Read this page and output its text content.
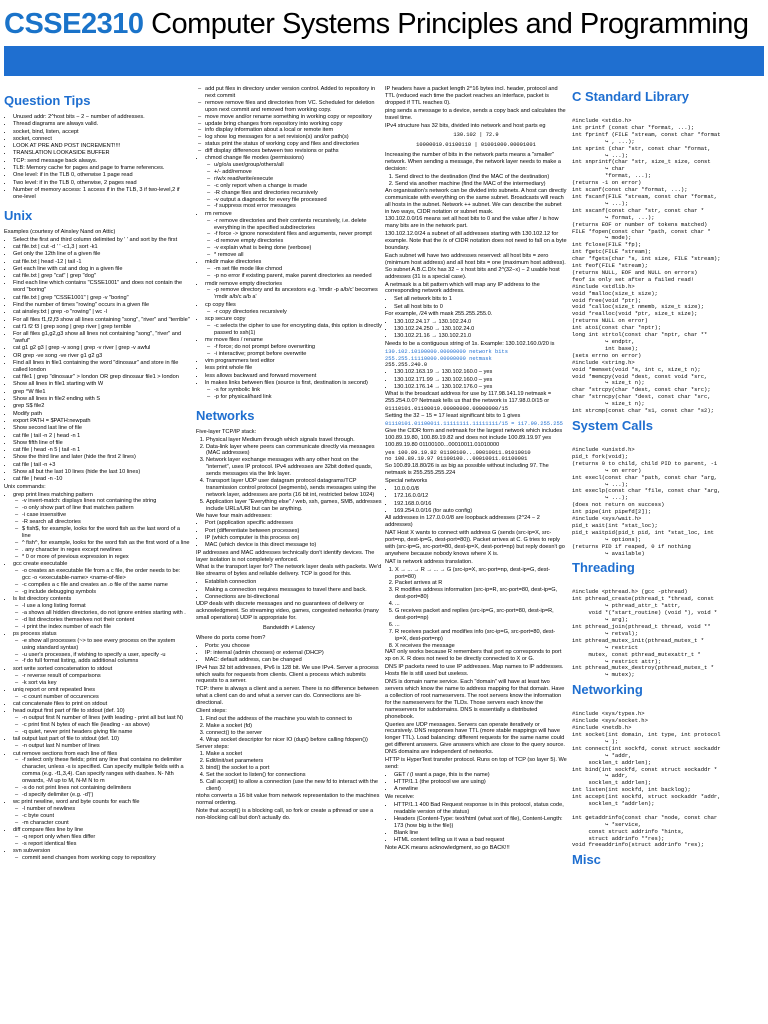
CSSE2310 Computer Systems Principles and Programming
Question Tips
• Unused addr: 2^host bits − 2 − number of addresses.
• Thread diagrams are always valid.
• socket, bind, listen, accept
• socket, connect
• LOOK AT PRE AND POST INCREMENT!!!!
• TRANSLATION LOOKASIDE BUFFER
• TCP: send message back always.
• TLB: Memory cache for pages and page to frame references.
• One level: if in the TLB 0, otherwise 1 page read
• Two level: if in the TLB 0, otherwise, 2 pages read
• Number of memory access: 1 access if in the TLB, 3 if two-level,2 if one-level
Unix
Examples (courtesy of Ainsley Nand on Attic)
• Select the first and third column delimited by ' ' and sort by the first
• cat file.txt | cut -d ' ' -c1,3 | sort -k1
• Get only the 12th line of a given file
• cat file.txt | head -12 | tail -1
• Get each line with cat and dog in a given file
• cat file.txt | grep "cat" | grep "dog"
• Find each line which contains "CSSE1001" and does not contain the word "boring"
• cat file.txt | grep "CSSE1001" | grep -v "boring"
• Find the number of times "rowing" occurs in a given file
• cat ainsley.txt | grep -o "rowing" | wc -l
• For all files f1,f2,f3 show all lines containing "song", "river" and "terrible"
• cat f1 f2 f3 | grep song | grep river | grep terrible
• For all files g1,g2,g3 show all lines not containing "song", "river" and "awful"
• cat g1 g2 g3 | grep -v song | grep -v river | grep -v awful
• OR grep -ve song -ve river g1 g2 g3
• Find all lines in file1 containing the word "dinosaur" and store in file called london
• cat file1 | grep "dinosaur" > london OR grep dinosaur file1 > london
• Show all lines in file1 starting with W
• grep ^W file1
• Show all lines in file2 ending with S
• grep S$ file2
• Modify path
• export PATH = $PATH:newpath
• Show second last line of file
• cat file | tail -n 2 | head -n 1
• Show fifth line of file
• cat file | head -n 5 | tail -n 1
• Show the third line and later (hide the first 2 lines)
• cat file | tail -n +3
• Show all but the last 10 lines (hide the last 10 lines)
• cat file | head -n -10
Unix commands:
• grep print lines matching pattern
– -v invert-match: displays lines not containing the string
– -o only show part of line that matches pattern
– -i case insensitive
– -R search all directories
– $ fish$, for example, looks for the word fish as the last word of a line
– ^ fish^, for example, looks for the word fish as the first word of a line
– . any character in regex except newlines
– * 0 or more of previous expression in regex
• gcc create executable
– -o creates an executable file from a c file, the order needs to be: gcc -o <executable-name> <name-of-file>
– -c compiles a c file and creates an .o file of the same name
– -g include debugging symbols
• ls list directory contents
– -l use a long listing format
– -a shows all hidden directories, do not ignore entries starting with .
– -d list directories themselves not their content
– -i print the index number of each file
• ps process status
– -e show all processes (~> to see every process on the system using standard syntax)
– -u user's processes, if wishing to specify a user, specify -u
– -f do full format listing, adds additional columns
• sort write sorted concatenation to stdout
– -r reverse result of comparisons
– -k sort via key
• uniq report or omit repeated lines
– -c count number of occurences
• cat concatenate files to print on stdout
• head output first part of file to stdout (def. 10)
– -n output first N number of lines (with leading - print all but last N)
– -c print first N bytes of each file (leading - as above)
– -q quiet, never print headers giving file name
• tail output last part of file to stdout (def. 10)
– -n output last N number of lines
• cut remove sections from each line of files
– -f select only these fields; print any line that contains no delimiter character, unless -s is specified. Can specify multiple fields with a comma (e.g. -f1,3,4). Can specify ranges with dashes. N- Nth onwards, -M up to M, N-M N to m
– -s do not print lines not containing delimiters
– -d specify delimiter (e.g. -d'|')
• wc print newline, word and byte counts for each file
– -l number of newlines
– -c byte count
– -m character count
• diff compare files line by line
– -q report only when files differ
– -s report identical files
• svn subversion
– commit send changes from working copy to repository
– add put files in directory under version control. Added to repository in next commit
– remove remove files and directories from VC. Scheduled for deletion upon next commit and removed from working copy.
– move move and/or rename something in working copy or repository
– update bring changes from repository into working copy
– info display information about a local or remote item
– log show log messages for a set revision(s) and/or path(s)
– status print the status of working copy and files and directories
– diff display differences between two revisions or paths
• chmod change file modes (permissions)
– u/g/o/a user/group/others/all
– +/- add/remove
– r/w/x read/write/execute
– -c only report when a change is made
– -R change files and directories recursively
– -v output a diagnostic for every file processed
– -f suppress most error messages
• rm remove
– -r remove directories and their contents recursively, i.e. delete everything in the specified subdirectories
– -f force -> ignore nonexistent files and arguments, never prompt
– -d remove empty directories
– -v explain what is being done (verbose)
– * remove all
• mkdir make directories
– -m set file mode like chmod
– -p no error if existing parent, make parent directories as needed
• rmdir remove empty directories
– -p remove directory and its ancestors e.g. 'rmdir -p a/b/c' becomes 'rmdir a/b/c a/b a'
• cp copy files
– -r copy directories recursively
• scp secure copy
– -c selects the cipher to use for encrypting data, this option is directly passed to ssh(1)
• mv move files / rename
– -f force; do not prompt before overwriting
– -i interactive; prompt before overwrite
• vim programmers text editor
• less print whole file
• less allows backward and forward movement
• ln makes links between files (source is first, destination is second)
– -s for symbolic link
– -p for physical/hard link
Networks
Five-layer TCP/IP stack:
1. Physical layer Medium through which signals travel through.
2. Data-link layer where peers can communicate directly via messages (MAC addresses)
3. Network layer exchange messages with any other host on the "internet", uses IP protocol. IPv4 addresses are 32bit dotted quads, sends messages via the link layer.
4. Transport layer UDP user datagram protocol datagrams/TCP transmission control protocol (segments), sends messages using the network layer, addresses are ports (16 bit int, restricted below 1024)
5. Application layer "Everything else" / web, ssh, games, SMB, addresses include URLs/URI but can be anything.
We have four main addresses:
• Port (application specific addresses
• Port (differentiate between processes)
• IP (which computer is this process on)
• MAC (which device is this direct message to)
IP addresses and MAC addresses technically don't identify devices. The layer isolation is not completely enforced.
What is the transport layer for? The network layer deals with packets. We'd like streams of bytes and reliable delivery. TCP is good for this.
• Establish connection
• Making a connection requires messages to travel there and back.
• Connections are bi-directional
UDP deals with discrete messages and no guarantees of delivery or acknowledgment. So streaming video, games, congested networks (many small operations) UDP is appropriate for.
Bandwidth ≠ Latency
Where do ports come from?
• Ports: you choose
• IP: internal (admin chooses) or external (DHCP)
• MAC: default address, can be changed
IPv4 has 32 bit addresses, IPv6 is 128 bit. We use IPv4. Server a process which waits for requests from clients. Client a process which submits requests to a server.
TCP: there is always a client and a server. There is no difference between what a client can do and what a server can do. Connections are bi-directional.
Client steps:
1. Find out the address of the machine you wish to connect to
2. Make a socket (fd)
3. connect() to the server
4. Wrap socket descriptor for nicer IO (dup() before calling fdopen())
Server steps:
1. Make a socket
2. Edit/init/set parameters
3. bind() the socket to a port
4. Set the socket to listen() for connections
5. Call accept() to allow a connection (use the new fd to interact with the client)
ntohs converts a 16 bit value from network representation to the machines normal ordering.
Note that accept() is a blocking call, so fork or create a pthread or use a non-blocking call but don't actually do.
IP headers have a packet length 2^16 bytes incl. header, protocol and TTL (reduced each time the packet reaches an interface, packet is dropped if TTL reaches 0).
ping sends a message to a device, sends a copy back and calculates the travel time.
IPv4 structure has 32 bits, divided into network and host parts eg
130.102 | 72.9
10000010.01100110 | 01001000.00001001
Increasing the number of bits in the network parts means a "smaller" network. When sending a message, the network layer needs to make a decision:
1. Send direct to the destination (find the MAC of the destination)
2. Send via another machine (find the MAC of the intermediary)
An organisation's network can be divided into subnets. A host can directly communicate with everything on the same subnet. Broadcasts will reach all hosts in the subnet. Network ++ subnet. We can describe the subnet in two ways, CIDR notation or subnet mask.
130.102.0.0/16 means set all host bits to 0 and the value after / is how many bits are in the network part.
130.102.12.0/24 a subnet of all addresses starting with 130.102.12 for example. Note that the /x of CIDR notation does not need to fall on a byte boundary.
Each subnet will have two addresses reserved: all host bits = zero (minimum host address) and all host bits = one (maximum host address). So subnet A.B.C.D/x has 32 − x host bits and 2^(32−x) − 2 usable host addresses (31 is a special case).
A netmask is a bit pattern which will map any IP address to the corresponding network address.
• Set all network bits to 1
• Set all host bits to 0
For example, /24 with mask 255.255.255.0.
• 130.102.24.17 → 130.102.24.0
• 130.102.24.250 → 130.102.24.0
• 130.102.21.16 → 130.102.21.0
Needs to be a contiguous string of 1s. Example: 130.102.160.0/20 is
130.102.10100000.00000000 network bits
255.255.11110000.00000000 netmask
255.255.240.0
• 130.102.163.19 → 130.102.160.0 – yes
• 130.102.171.99 → 130.102.160.0 – yes
• 130.102.176.14 → 130.102.176.0 – yes
What is the broadcast address for use by 117.98.141.19 netmask = 255.254.0.0? Netmask tells us that the network is 117.98.0.0/15 or
01110101.01100010.00000000.00000000/15
Setting the 32 − 15 = 17 least significant bits to 1 gives
01110101.01100011.11111111.11111111/15 = 117.99.255.255
Give the CIDR form and netmask for the largest network which includes 100.89.19.80, 100.89.19.82 and does not include 100.89.19.97 yes 100.89.19.80 01100100...00010011.01010000
yes 100.89.19.82 01100100...00010011.01010010
no 100.89.19.97 01100100...00010011.01100001
So 100.89.18.80/26 is as big as possible without including 97. The netmask is 255.255.255.224
Special networks
• 10.0.0.0/8
• 172.16.0.0/12
• 192.168.0.0/16
• 169.254.0.0/16 (for auto config)
All addresses in 127.0.0.0/8 are loopback addresses (2^24 − 2 addresses)
NAT Host X wants to connect with address G (sends (src-ip=X, src-port=np, dest-ip=G, dest-port=80)). Packet arrives at C. G tries to reply with (src-ip=G, src-port=80, dest-ip=X, dest-port=np) but reply doesn't go anywhere because nobody knows where X is.
NAT is network address translation.
1. X → ... → R → ... → G (src-ip=X, src-port=np, dest-ip=G, dest-port=80)
2. Packet arrives at R
3. R modifies address information (src-ip=R, src-port=80, dest-ip=G, dest-port=80)
4. ...
5. G receives packet and replies (src-ip=G, src-port=80, dest-ip=R, dest-port=np)
6. ...
7. R receives packet and modifies info (src-ip=G, src-port=80, dest-ip=X, dest-port=np)
8. X receives the message
NAT only works because R remembers that port np corresponds to port xp on X. R does not need to be directly connected to X or G.
DNS IP packets need to use IP addresses. Map names to IP addresses. Hosts file is still used but useless.
DNS is domain name service. Each "domain" will have at least two servers which know the name to address mapping for that domain. Have a collection of root nameservers. The root servers know the information for the nameservers for the TLDs. Those servers each know the nameservers for subdomains. DNS is essentially a distributed phonebook.
Queries are UDP messages. Servers can operate iteratively or recursively. DNS responses have TTL (more stable mappings will have longer TTL). Load balancing: different requests for the same name could get different answers. Give answers which are close to the query source. DNS domains are independent of networks.
HTTP is HyperText transfer protocol. Runs on top of TCP (so layer 5). We send:
• GET / (I want a page, this is the name)
• HTTP/1.1 (the protocol we are using)
• A newline
We receive:
• HTTP/1.1 400 Bad Request response is in this protocol, status code, readable version of the status)
• Headers (Content-Type: text/html (what sort of file), Content-Length: 173 (how big is the file))
• Blank line
• HTML content telling us it was a bad request
Note ACK means acknowledgment, so go BACK!!!
C Standard Library
#include <stdio.h>
int printf (const char *format, ...);
int fprintf (FILE *stream, const char *format
↪ , ...);
int sprint (char *str, const char *format,
↪ ...);
int snprintf(char *str, size_t size, const
↪ char
*format, ...);
(returns -1 on error)
int scanf(const char *format, ...);
int fscanf(FILE *stream, const char *format,
↪ ...);
int sscanf(const char *str, const char *
↪ format, ...);
(returns EOF or number of tokens matched)
FILE *fopen(const char *path, const char *
↪ mode);
int fclose(FILE *fp);
int fgetc(FILE *stream);
char *fgets(char *s, int size, FILE *stream);
int feof(FILE *stream);
(returns NULL, EOF and NULL on errors)
feof is only set after a failed read!
#include <stdlib.h>
void *malloc(size_t size);
void free(void *ptr);
void *calloc(size_t nmemb, size_t size);
void *realloc(void *ptr, size_t size);
(returns NULL on error)
int atoi(const char *nptr);
long int strtol(const char *nptr, char **
↪ endptr,
int base);
(sets errno on error)
#include <string.h>
void *memset(void *s, int c, size_t n);
void *memcpy(void *dest, const void *src,
↪ size_t n);
char *strcpy(char *dest, const char *src);
char *strncpy(char *dest, const char *src,
↪ size_t n);
int strcmp(const char *s1, const char *s2);

System Calls
#include <unistd.h>
pid_t fork(void);
(returns 0 to child, child PID to parent, -1
↪ on error)
int execl(const char *path, const char *arg,
↪ ...);
int execlp(const char *file, const char *arg,
↪ ...);
(does not return on success)
int pipe(int pipefd[2]);
#include <sys/wait.h>
pid_t wait(int *stat_loc);
pid_t waitpid(pid_t pid, int *stat_loc, int
↪ options);
(returns PID if reaped, 0 if nothing
↪ available)

Threading
#include <pthread.h> (gcc -pthread)
int pthread_create(pthread_t *thread, const
↪ pthread_attr_t *attr,
void *(*start_routine) (void *), void *
↪ arg);
int pthread_join(pthread_t thread, void **
↪ retval);
int pthread_mutex_init(pthread_mutex_t *
↪ restrict
mutex, const pthread_mutexattr_t *
↪ restrict attr);
int pthread_mutex_destroy(pthread_mutex_t *
↪ mutex);

Networking
#include <sys/types.h>
#include <sys/socket.h>
#include <netdb.h>
int socket(int domain, int type, int protocol
↪ );
int connect(int sockfd, const struct sockaddr
↪ *addr,
socklen_t addrlen);
int bind(int sockfd, const struct sockaddr *
↪ addr,
socklen_t addrlen);
int listen(int sockfd, int backlog);
int accept(int sockfd, struct sockaddr *addr,
socklen_t *addrlen);

int getaddrinfo(const char *node, const char
↪ *service,
const struct addrinfo *hints,
struct addrinfo **res);
void freeaddrinfo(struct addrinfo *res);

Misc
